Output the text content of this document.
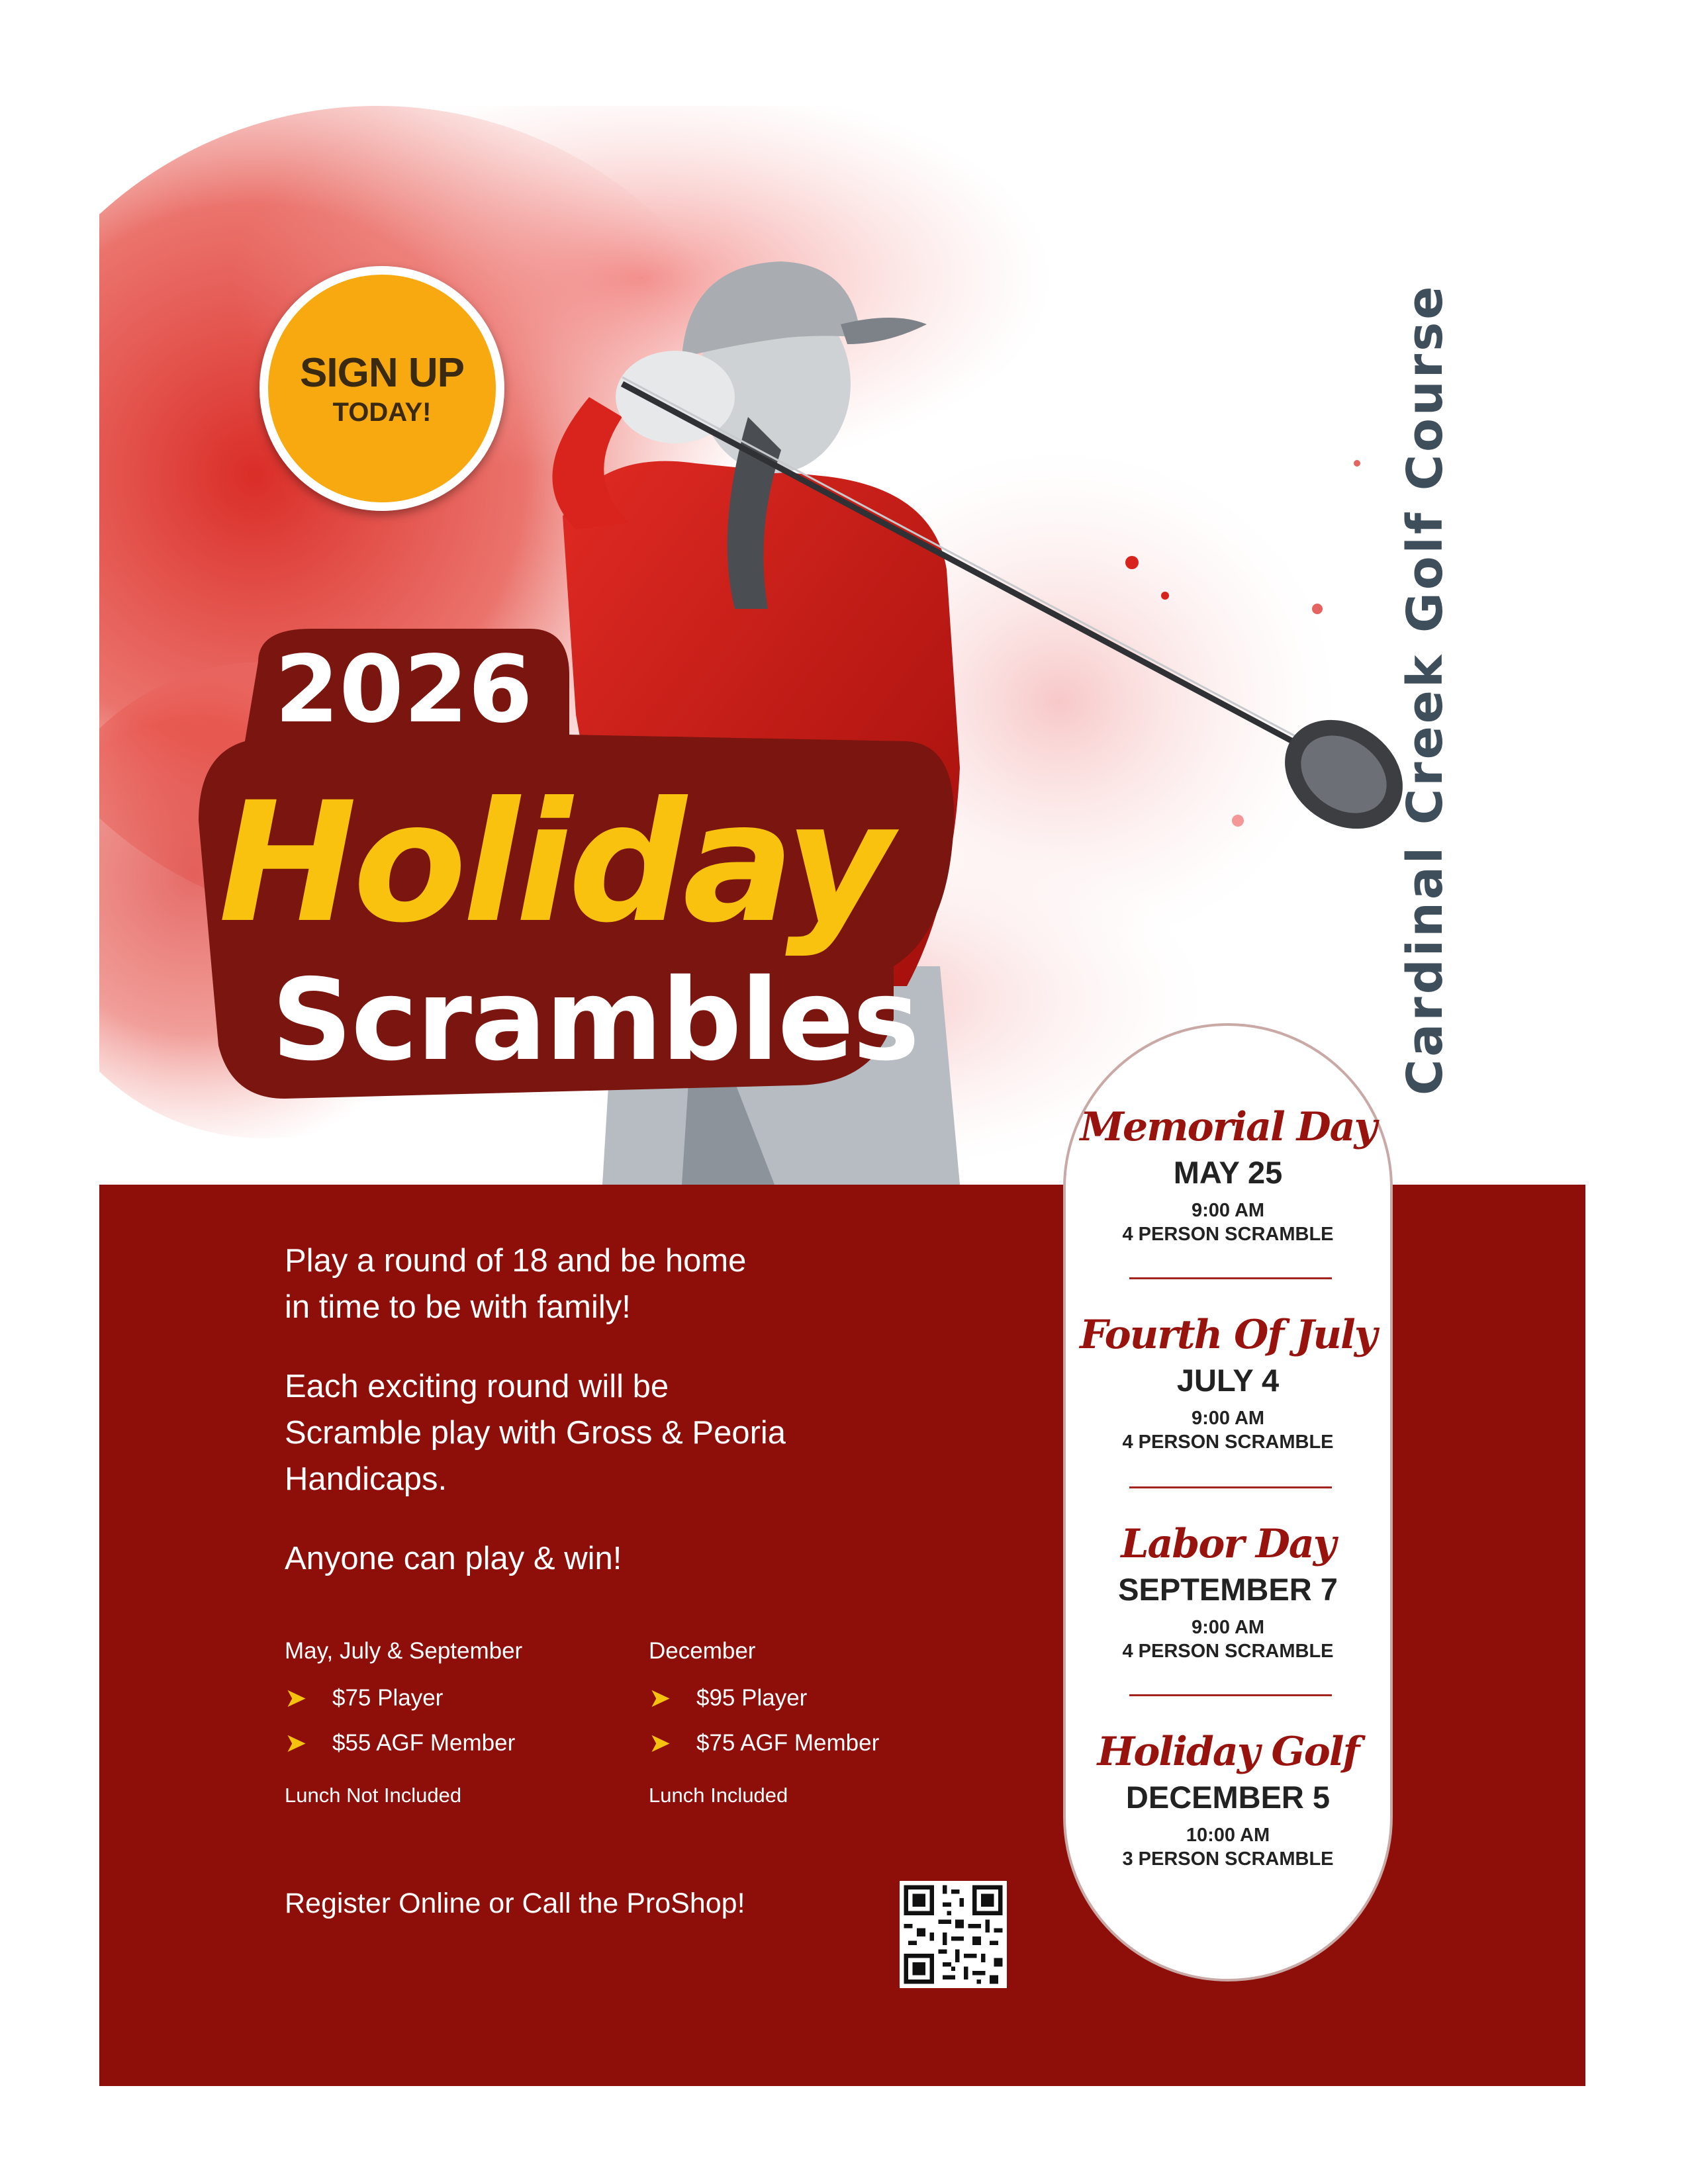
SIGN UP
TODAY!
2026
Holiday
Scrambles	Cardinal Creek Golf Course
Play a round of 18 and be home
in time to be with family!
Each exciting round will be
Scramble play with Gross & Peoria
Handicaps.
Anyone can play & win!
May, July & September
➤	$75 Player
➤	$55 AGF Member
Lunch Not Included
December
➤	$95 Player
➤	$75 AGF Member
Lunch Included
Register Online or Call the ProShop!
Memorial Day
MAY 25
9:00 AM
4 PERSON SCRAMBLE
Fourth Of July
JULY 4
9:00 AM
4 PERSON SCRAMBLE
Labor Day
SEPTEMBER 7
9:00 AM
4 PERSON SCRAMBLE
Holiday Golf
DECEMBER 5
10:00 AM
3 PERSON SCRAMBLE
